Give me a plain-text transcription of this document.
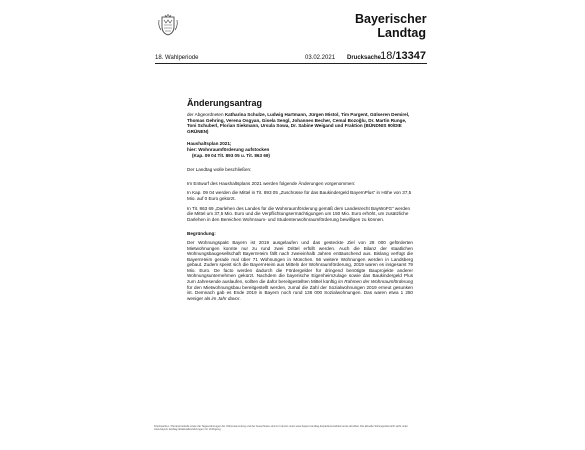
Bayerischer
Landtag
18. Wahlperiode	03.02.2021 Drucksache 18/13347
Änderungsantrag
der Abgeordneten Katharina Schulze, Ludwig Hartmann, Jürgen Mistol, Tim Pargent, Gülseren Demirel, Thomas Gehring, Verena Osgyan, Gisela Sengl, Johannes Becher, Cemal Bozoğlu, Dr. Martin Runge, Toni Schuberl, Florian Siekmann, Ursula Sowa, Dr. Sabine Weigand und Fraktion (BÜNDNIS 90/DIE GRÜNEN)
Haushaltsplan 2021;
hier: Wohnraumförderung aufstocken
(Kap. 09 04 Tit. 893 05 u. Tit. 863 69)

Der Landtag wolle beschließen:

Im Entwurf des Haushaltsplans 2021 werden folgende Änderungen vorgenommen:

In Kap. 09 04 werden die Mittel in Tit. 893 05 „Zuschüsse für das Baukindergeld BayernPlus“ in Höhe von 37,5 Mio. auf 0 Euro gekürzt.

In Tit. 863 69 „Darlehen des Landes für die Wohnraumförderung gemäß dem Landesrecht BayWoFG“ werden die Mittel um 37,5 Mio. Euro und die Verpflichtungsermächtigungen um 150 Mio. Euro erhöht, um zusätzliche Darlehen in den Bereichen Wohnraum- und Studentenwohnraumförderung bewilligen zu können.

Begründung:

Der Wohnungspakt Bayern ist 2019 ausgelaufen und das gesteckte Ziel von 28 000 geförderten Mietwohnungen konnte nur zu rund zwei Drittel erfüllt werden. Auch die Bilanz der staatlichen Wohnungsbaugesellschaft BayernHeim fällt nach zweieinhalb Jahren enttäuschend aus. Bislang verfügt die BayernHeim gerade mal über 71 Wohnungen in München. 56 weitere Wohnungen werden in Landsberg gebaut. Zudem speist sich die BayernHeim aus Mitteln der Wohnraumförderung, 2019 waren es insgesamt 79 Mio. Euro. De facto werden dadurch die Fördergelder für dringend benötigte Bauprojekte anderer Wohnungsunternehmen gekürzt. Nachdem die bayerische Eigenheimzulage sowie das Baukindergeld Plus zum Jahresende auslaufen, sollten die dafür bereitgestellten Mittel künftig im Rahmen der Wohnraumförderung für den Mietwohnungsbau bereitgestellt werden, zumal die Zahl der Sozialwohnungen 2019 erneut gesunken ist. Demnach gab es Ende 2019 in Bayern noch rund 136 000 Sozialwohnungen. Das waren etwa 1 250 weniger als im Jahr davor.

Drucksachen, Plenarprotokolle sowie die Tagesordnungen der Vollversammlung und der Ausschüsse sind im Internet unter www.bayern.landtag.de/parlament/dokumente abrufbar. Die aktuelle Sitzungsübersicht steht unter www.bayern.landtag.de/aktuelles/sitzungen zur Verfügung.
